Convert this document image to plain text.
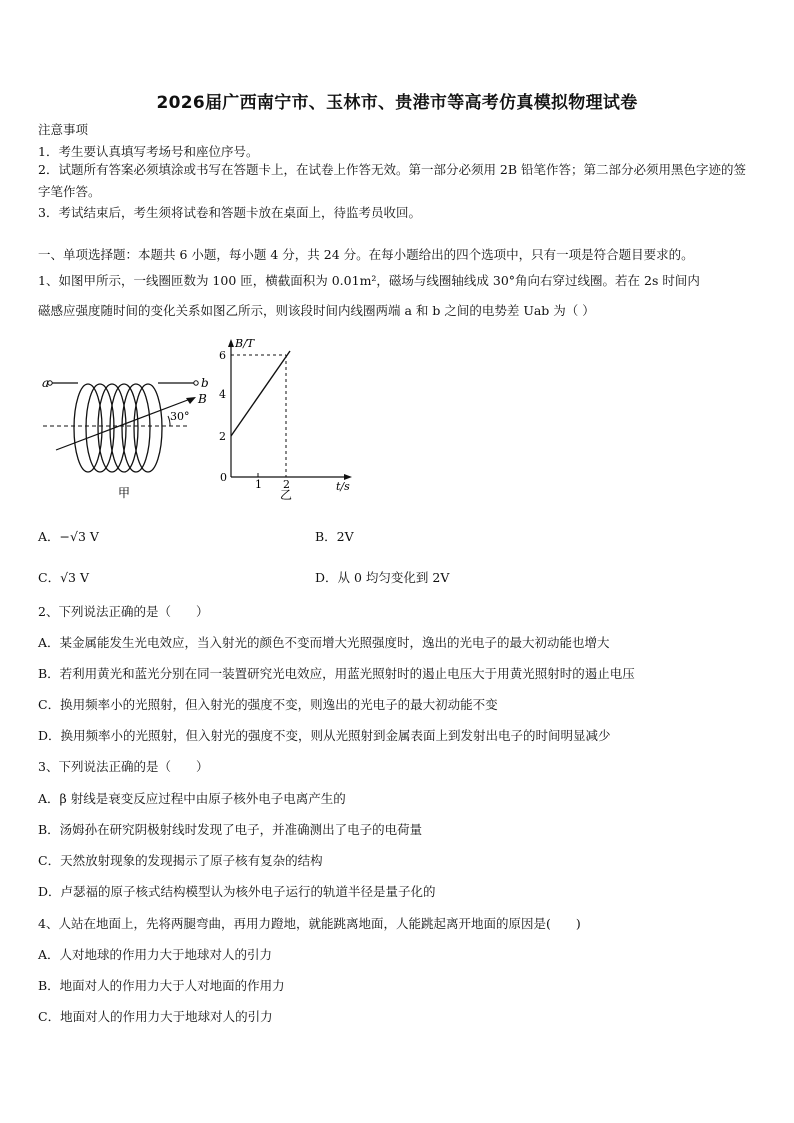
2026届广西南宁市、玉林市、贵港市等高考仿真模拟物理试卷
注意事项
1．考生要认真填写考场号和座位序号。
2．试题所有答案必须填涂或书写在答题卡上，在试卷上作答无效。第一部分必须用 2B 铅笔作答；第二部分必须用黑色字迹的签字笔作答。
3．考试结束后，考生须将试卷和答题卡放在桌面上，待监考员收回。
一、单项选择题：本题共 6 小题，每小题 4 分，共 24 分。在每小题给出的四个选项中，只有一项是符合题目要求的。
1、如图甲所示，一线圈匝数为 100 匝，横截面积为 0.01m²，磁场与线圈轴线成 30°角向右穿过线圈。若在 2s 时间内
磁感应强度随时间的变化关系如图乙所示，则该段时间内线圈两端 a 和 b 之间的电势差 Uab 为（ ）
a	b
B
30°
甲
B/T
2
4
6
0
1 2	t/s
乙
A．−√3 V	B．2V
C．√3 V	D．从 0 均匀变化到 2V
2、下列说法正确的是（　　）
A．某金属能发生光电效应，当入射光的颜色不变而增大光照强度时，逸出的光电子的最大初动能也增大
B．若利用黄光和蓝光分别在同一装置研究光电效应，用蓝光照射时的遏止电压大于用黄光照射时的遏止电压
C．换用频率小的光照射，但入射光的强度不变，则逸出的光电子的最大初动能不变
D．换用频率小的光照射，但入射光的强度不变，则从光照射到金属表面上到发射出电子的时间明显减少
3、下列说法正确的是（　　）
A．β 射线是衰变反应过程中由原子核外电子电离产生的
B．汤姆孙在研究阴极射线时发现了电子，并准确测出了电子的电荷量
C．天然放射现象的发现揭示了原子核有复杂的结构
D．卢瑟福的原子核式结构模型认为核外电子运行的轨道半径是量子化的
4、人站在地面上，先将两腿弯曲，再用力蹬地，就能跳离地面，人能跳起离开地面的原因是(　　)
A．人对地球的作用力大于地球对人的引力
B．地面对人的作用力大于人对地面的作用力
C．地面对人的作用力大于地球对人的引力
